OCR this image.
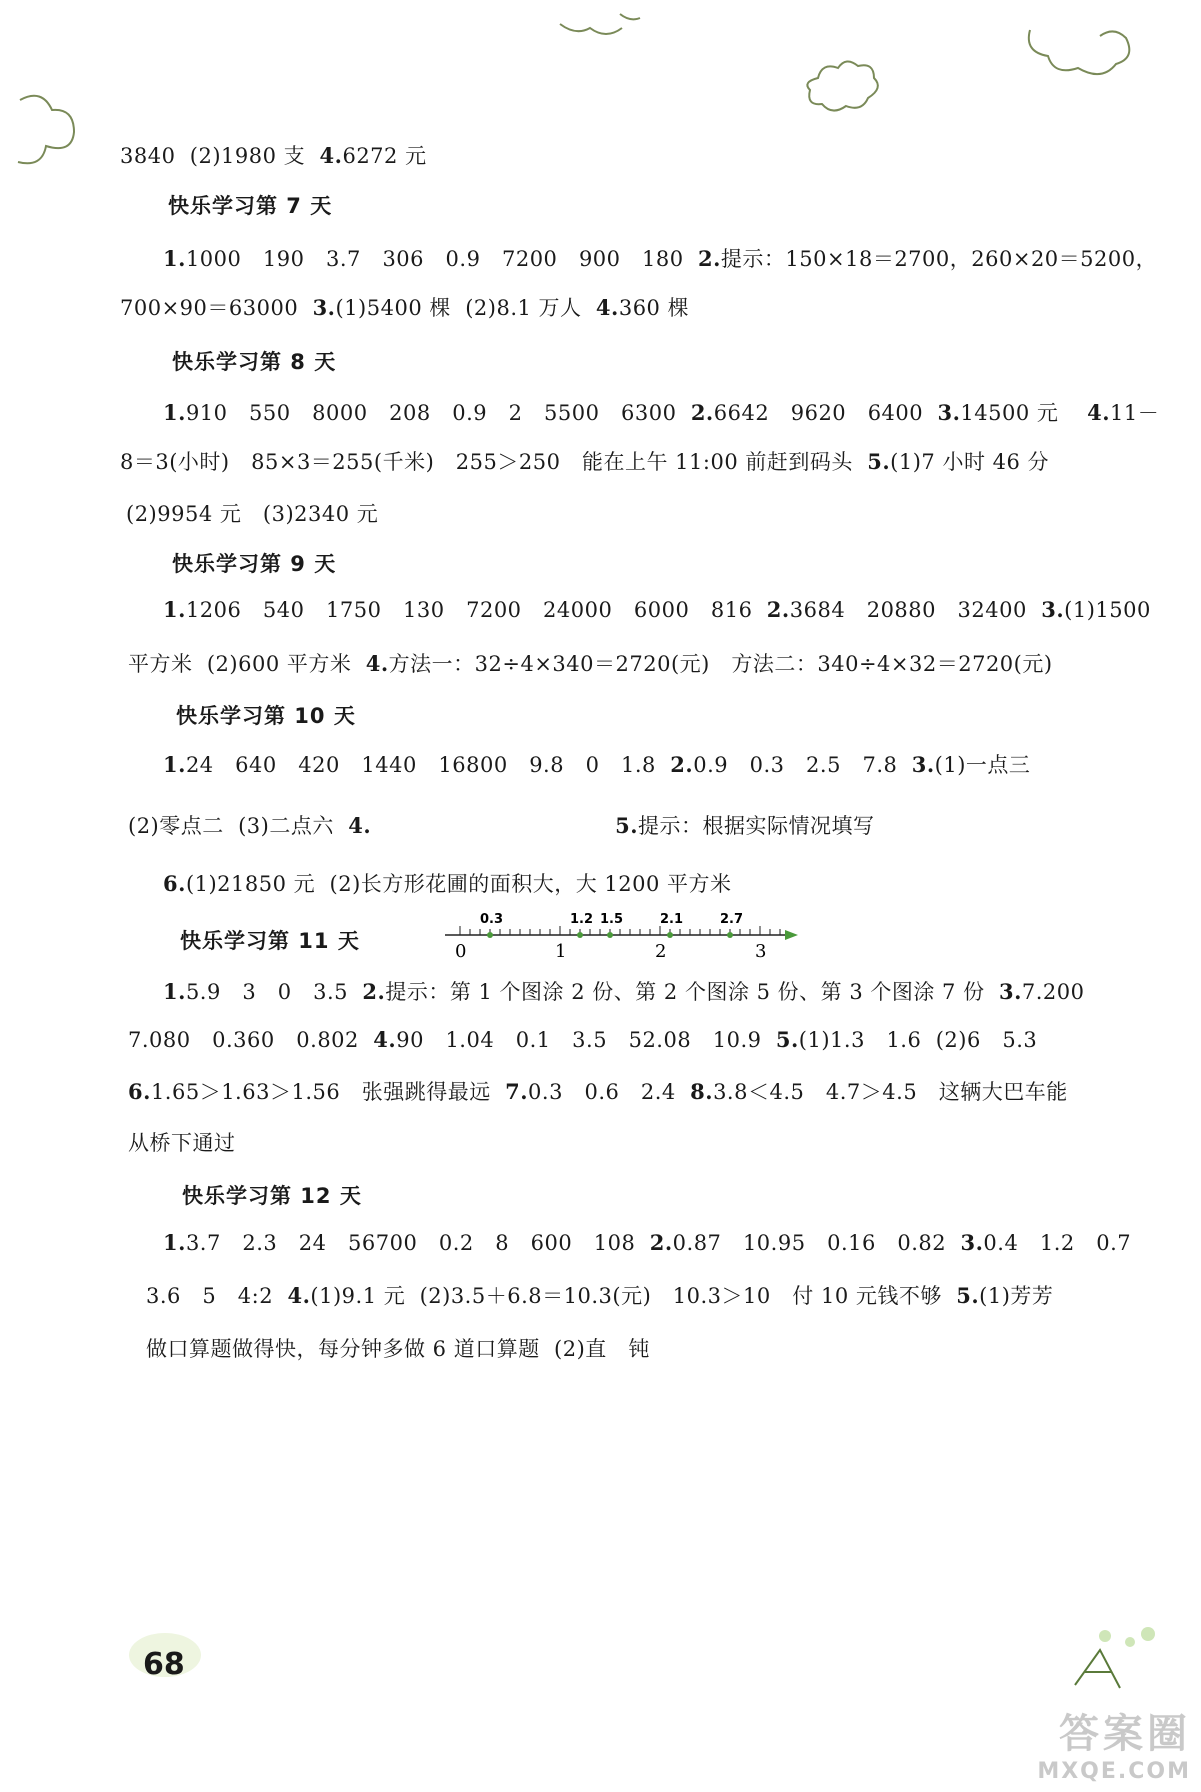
3840  (2)1980 支  4.6272 元
快乐学习第 7 天
1.1000   190   3.7   306   0.9   7200   900   180  2.提示：150×18＝2700，260×20＝5200，
700×90＝63000  3.(1)5400 棵  (2)8.1 万人  4.360 棵
快乐学习第 8 天
1.910   550   8000   208   0.9   2   5500   6300  2.6642   9620   6400  3.14500 元    4.11－
8＝3(小时)   85×3＝255(千米)   255＞250   能在上午 11:00 前赶到码头  5.(1)7 小时 46 分
(2)9954 元   (3)2340 元
快乐学习第 9 天
1.1206   540   1750   130   7200   24000   6000   816  2.3684   20880   32400  3.(1)1500
平方米  (2)600 平方米  4.方法一：32÷4×340＝2720(元)   方法二：340÷4×32＝2720(元)
快乐学习第 10 天
1.24   640   420   1440   16800   9.8   0   1.8  2.0.9   0.3   2.5   7.8  3.(1)一点三
(2)零点二  (3)二点六  4.	5.提示：根据实际情况填写
0	1	2	3
0.3	1.2 1.5	2.1	2.7
6.(1)21850 元  (2)长方形花圃的面积大，大 1200 平方米
快乐学习第 11 天
1.5.9   3   0   3.5  2.提示：第 1 个图涂 2 份、第 2 个图涂 5 份、第 3 个图涂 7 份  3.7.200
7.080   0.360   0.802  4.90   1.04   0.1   3.5   52.08   10.9  5.(1)1.3   1.6  (2)6   5.3
6.1.65＞1.63＞1.56   张强跳得最远  7.0.3   0.6   2.4  8.3.8＜4.5   4.7＞4.5   这辆大巴车能
从桥下通过
快乐学习第 12 天
1.3.7   2.3   24   56700   0.2   8   600   108  2.0.87   10.95   0.16   0.82  3.0.4   1.2   0.7
3.6   5   4:2  4.(1)9.1 元  (2)3.5＋6.8＝10.3(元)   10.3＞10   付 10 元钱不够  5.(1)芳芳
做口算题做得快，每分钟多做 6 道口算题  (2)直   钝
68
答案圈
MXQE.COM
